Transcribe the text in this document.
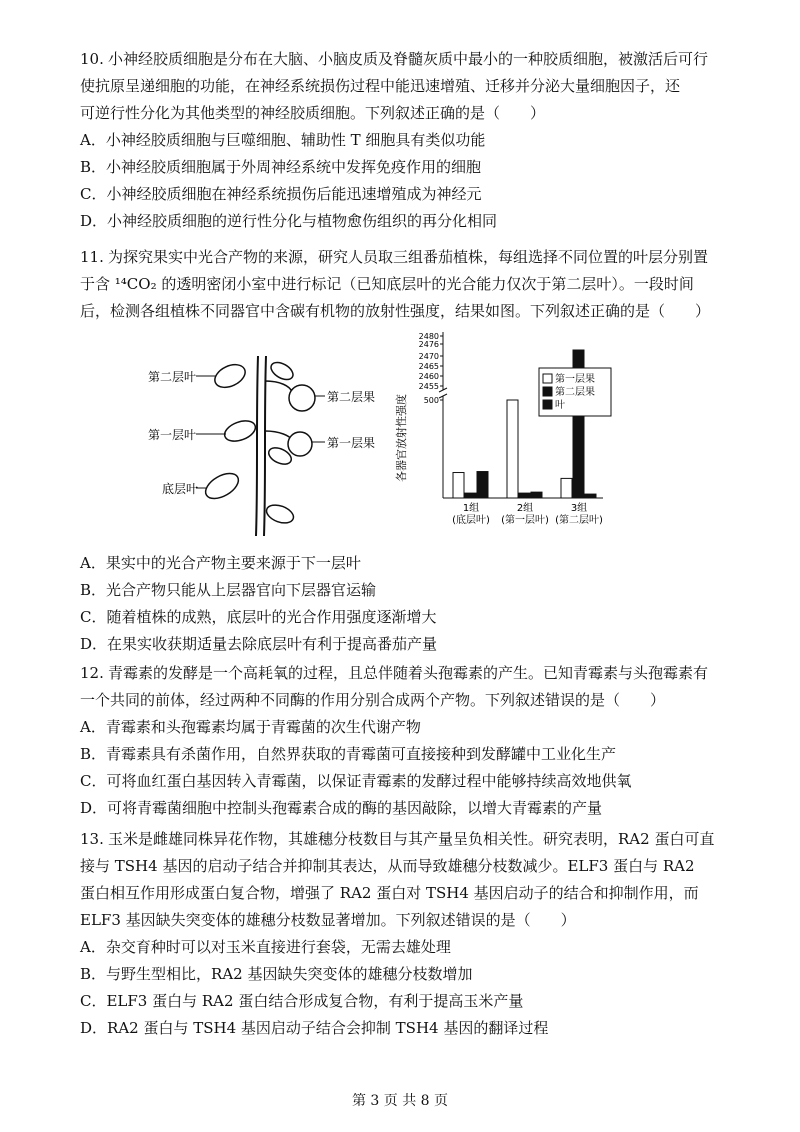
10. 小神经胶质细胞是分布在大脑、小脑皮质及脊髓灰质中最小的一种胶质细胞，被激活后可行

使抗原呈递细胞的功能，在神经系统损伤过程中能迅速增殖、迁移并分泌大量细胞因子，还

可逆行性分化为其他类型的神经胶质细胞。下列叙述正确的是（　　）

A．小神经胶质细胞与巨噬细胞、辅助性 T 细胞具有类似功能

B．小神经胶质细胞属于外周神经系统中发挥免疫作用的细胞

C．小神经胶质细胞在神经系统损伤后能迅速增殖成为神经元

D．小神经胶质细胞的逆行性分化与植物愈伤组织的再分化相同

11. 为探究果实中光合产物的来源，研究人员取三组番茄植株，每组选择不同位置的叶层分别置

于含 ¹⁴CO₂ 的透明密闭小室中进行标记（已知底层叶的光合能力仅次于第二层叶）。一段时间

后，检测各组植株不同器官中含碳有机物的放射性强度，结果如图。下列叙述正确的是（　　）

第二层叶
第一层叶
底层叶
第二层果
第一层果 各器官放射性强度
2480
2476
2470
2465
2460
2455
500
第一层果
第二层果
叶
1组
(底层叶)
2组
(第一层叶)
3组
(第二层叶)

A．果实中的光合产物主要来源于下一层叶

B．光合产物只能从上层器官向下层器官运输

C．随着植株的成熟，底层叶的光合作用强度逐渐增大

D．在果实收获期适量去除底层叶有利于提高番茄产量

12. 青霉素的发酵是一个高耗氧的过程，且总伴随着头孢霉素的产生。已知青霉素与头孢霉素有

一个共同的前体，经过两种不同酶的作用分别合成两个产物。下列叙述错误的是（　　）

A．青霉素和头孢霉素均属于青霉菌的次生代谢产物

B．青霉素具有杀菌作用，自然界获取的青霉菌可直接接种到发酵罐中工业化生产

C．可将血红蛋白基因转入青霉菌，以保证青霉素的发酵过程中能够持续高效地供氧

D．可将青霉菌细胞中控制头孢霉素合成的酶的基因敲除，以增大青霉素的产量

13. 玉米是雌雄同株异花作物，其雄穗分枝数目与其产量呈负相关性。研究表明，RA2 蛋白可直

接与 TSH4 基因的启动子结合并抑制其表达，从而导致雄穗分枝数减少。ELF3 蛋白与 RA2

蛋白相互作用形成蛋白复合物，增强了 RA2 蛋白对 TSH4 基因启动子的结合和抑制作用，而

ELF3 基因缺失突变体的雄穗分枝数显著增加。下列叙述错误的是（　　）

A．杂交育种时可以对玉米直接进行套袋，无需去雄处理

B．与野生型相比，RA2 基因缺失突变体的雄穗分枝数增加

C．ELF3 蛋白与 RA2 蛋白结合形成复合物，有利于提高玉米产量

D．RA2 蛋白与 TSH4 基因启动子结合会抑制 TSH4 基因的翻译过程

第 3 页 共 8 页
